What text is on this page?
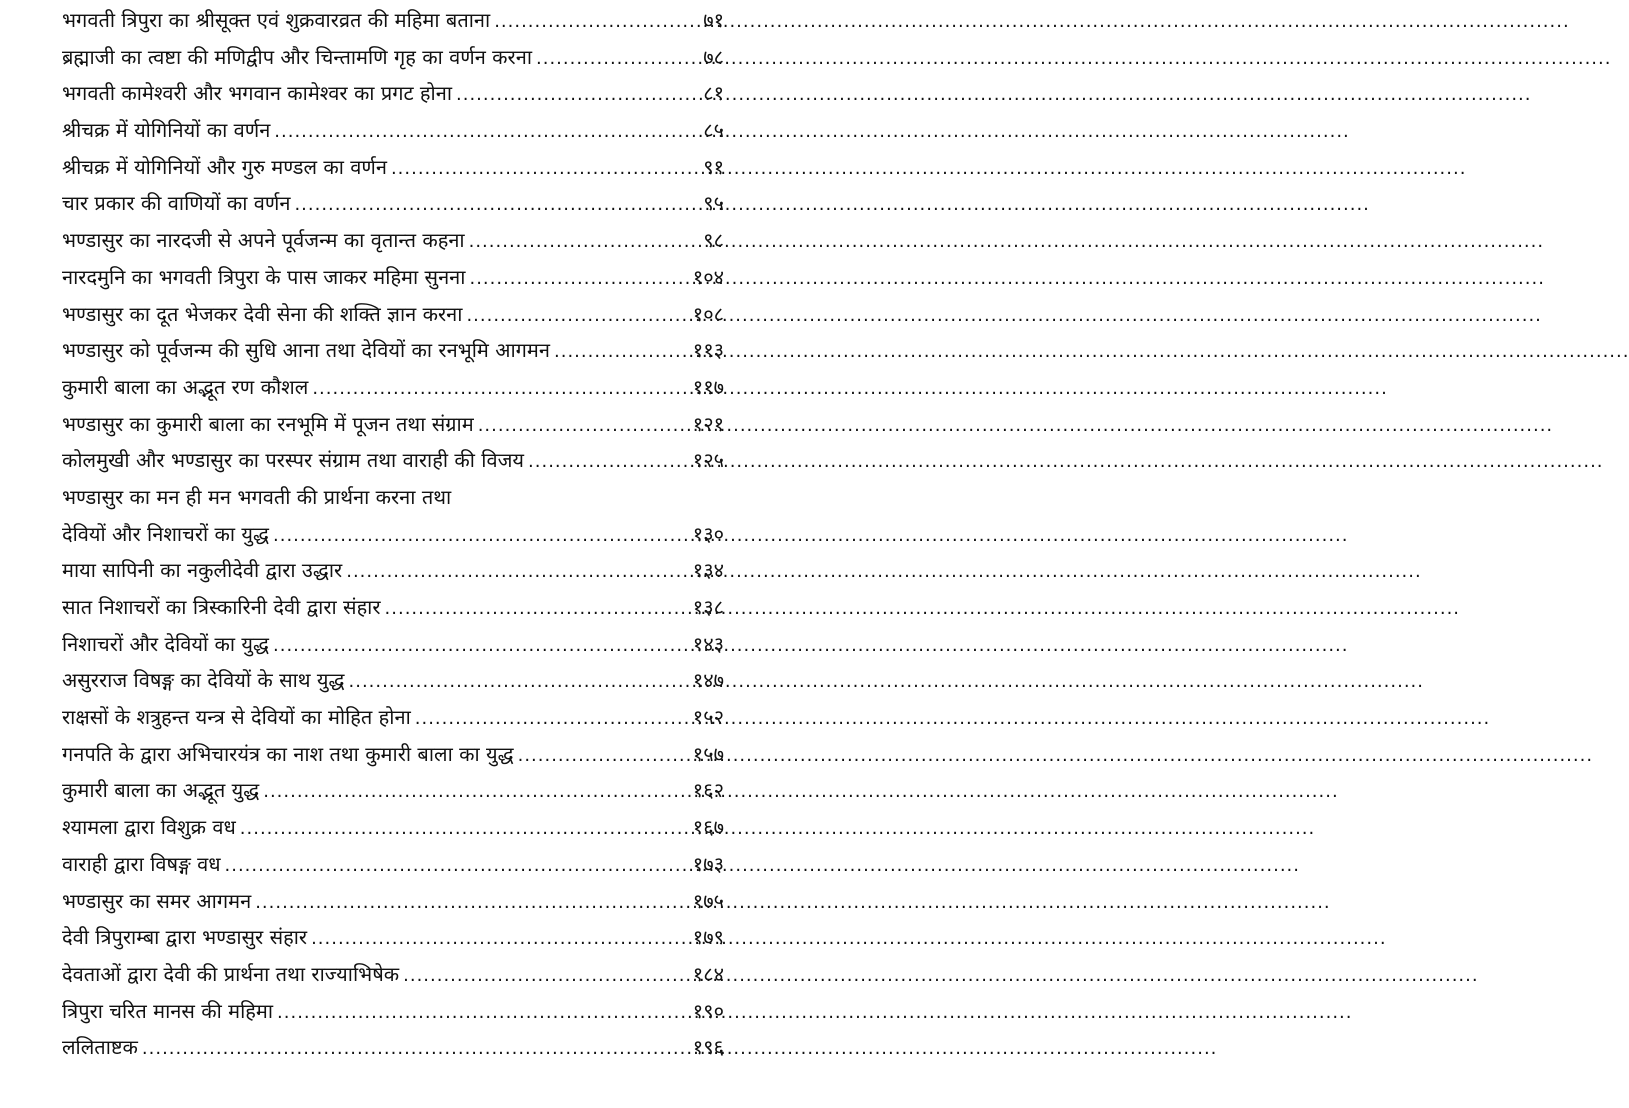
भगवती त्रिपुरा का श्रीसूक्त एवं शुक्रवारव्रत की महिमा बताना .....	७१
ब्रह्माजी का त्वष्टा की मणिद्वीप और चिन्तामणि गृह का वर्णन करना .....	७८
भगवती कामेश्वरी और भगवान कामेश्वर का प्रगट होना .....	८१
श्रीचक्र में योगिनियों का वर्णन .....	८५
श्रीचक्र में योगिनियों और गुरु मण्डल का वर्णन .....	९१
चार प्रकार की वाणियों का वर्णन .....	९५
भण्डासुर का नारदजी से अपने पूर्वजन्म का वृतान्त कहना .....	९८
नारदमुनि का भगवती त्रिपुरा के पास जाकर महिमा सुनना .....	१०४
भण्डासुर का दूत भेजकर देवी सेना की शक्ति ज्ञान करना .....	१०८
भण्डासुर को पूर्वजन्म की सुधि आना तथा देवियों का रनभूमि आगमन .....	११३
कुमारी बाला का अद्भूत रण कौशल .....	११७
भण्डासुर का कुमारी बाला का रनभूमि में पूजन तथा संग्राम .....	१२१
कोलमुखी और भण्डासुर का परस्पर संग्राम तथा वाराही की विजय .....	१२५
भण्डासुर का मन ही मन भगवती की प्रार्थना करना तथा
देवियों और निशाचरों का युद्ध .....	१३०
माया सापिनी का नकुलीदेवी द्वारा उद्धार .....	१३४
सात निशाचरों का त्रिस्कारिनी देवी द्वारा संहार .....	१३८
निशाचरों और देवियों का युद्ध .....	१४३
असुरराज विषङ्ग का देवियों के साथ युद्ध .....	१४७
राक्षसों के शत्रुहन्त यन्त्र से देवियों का मोहित होना .....	१५२
गनपति के द्वारा अभिचारयंत्र का नाश तथा कुमारी बाला का युद्ध .....	१५७
कुमारी बाला का अद्भूत युद्ध .....	१६२
श्यामला द्वारा विशुक्र वध .....	१६७
वाराही द्वारा विषङ्ग वध .....	१७३
भण्डासुर का समर आगमन .....	१७५
देवी त्रिपुराम्बा द्वारा भण्डासुर संहार .....	१७९
देवताओं द्वारा देवी की प्रार्थना तथा राज्याभिषेक .....	१८४
त्रिपुरा चरित मानस की महिमा .....	१९०
ललिताष्टक .....	१९६
